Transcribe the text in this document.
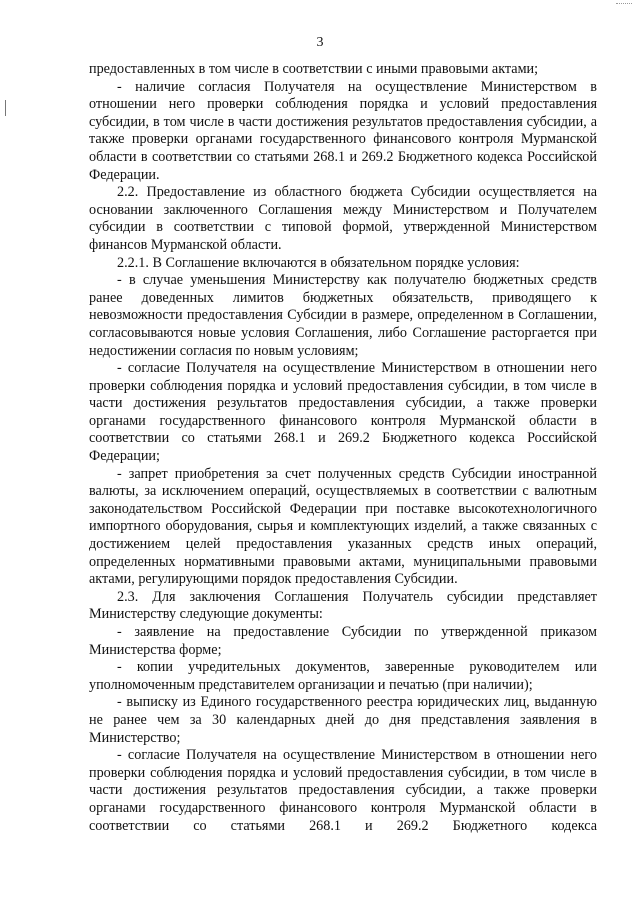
3

предоставленных в том числе в соответствии с иными правовыми актами;

- наличие согласия Получателя на осуществление Министерством в отношении него проверки соблюдения порядка и условий предоставления субсидии, в том числе в части достижения результатов предоставления субсидии, а также проверки органами государственного финансового контроля Мурманской области в соответствии со статьями 268.1 и 269.2 Бюджетного кодекса Российской Федерации.

2.2. Предоставление из областного бюджета Субсидии осуществляется на основании заключенного Соглашения между Министерством и Получателем субсидии в соответствии с типовой формой, утвержденной Министерством финансов Мурманской области.

2.2.1. В Соглашение включаются в обязательном порядке условия:

- в случае уменьшения Министерству как получателю бюджетных средств ранее доведенных лимитов бюджетных обязательств, приводящего к невозможности предоставления Субсидии в размере, определенном в Соглашении, согласовываются новые условия Соглашения, либо Соглашение расторгается при недостижении согласия по новым условиям;

- согласие Получателя на осуществление Министерством в отношении него проверки соблюдения порядка и условий предоставления субсидии, в том числе в части достижения результатов предоставления субсидии, а также проверки органами государственного финансового контроля Мурманской области в соответствии со статьями 268.1 и 269.2 Бюджетного кодекса Российской Федерации;

- запрет приобретения за счет полученных средств Субсидии иностранной валюты, за исключением операций, осуществляемых в соответствии с валютным законодательством Российской Федерации при поставке высокотехнологичного импортного оборудования, сырья и комплектующих изделий, а также связанных с достижением целей предоставления указанных средств иных операций, определенных нормативными правовыми актами, муниципальными правовыми актами, регулирующими порядок предоставления Субсидии.

2.3. Для заключения Соглашения Получатель субсидии представляет Министерству следующие документы:

- заявление на предоставление Субсидии по утвержденной приказом Министерства форме;

- копии учредительных документов, заверенные руководителем или уполномоченным представителем организации и печатью (при наличии);

- выписку из Единого государственного реестра юридических лиц, выданную не ранее чем за 30 календарных дней до дня представления заявления в Министерство;

- согласие Получателя на осуществление Министерством в отношении него проверки соблюдения порядка и условий предоставления субсидии, в том числе в части достижения результатов предоставления субсидии, а также проверки органами государственного финансового контроля Мурманской области в соответствии со статьями 268.1 и 269.2 Бюджетного кодекса
